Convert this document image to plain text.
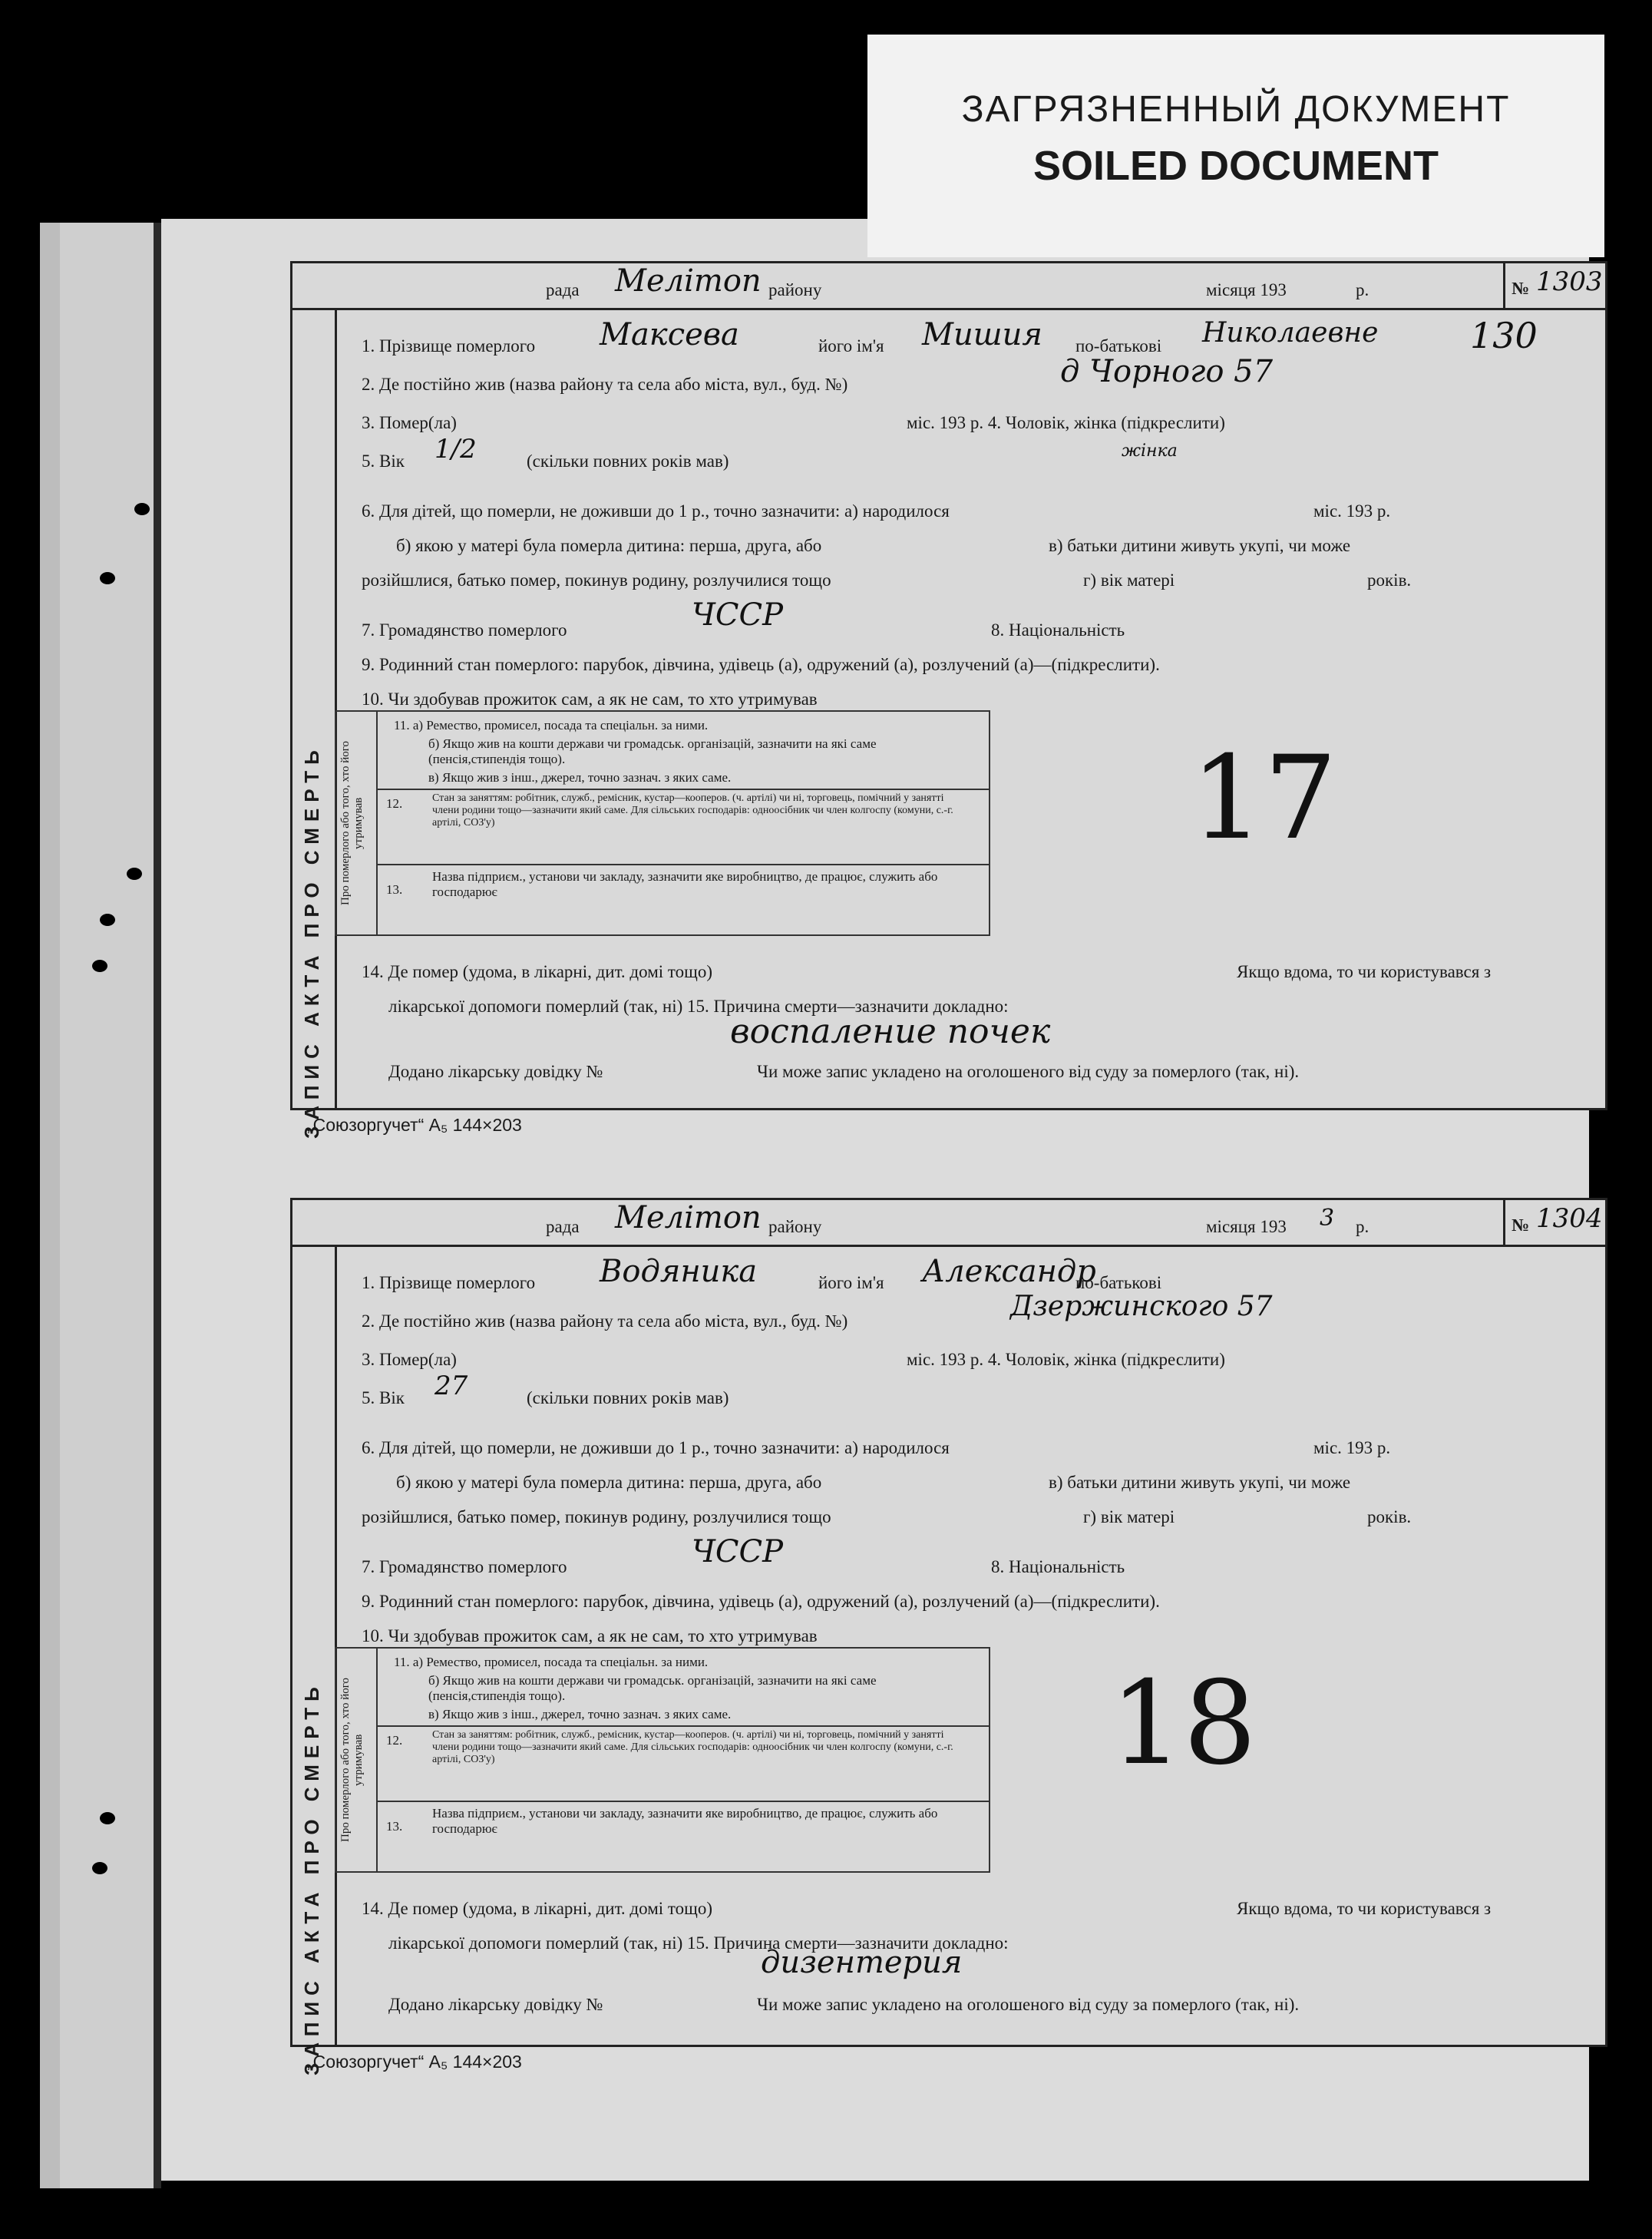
ЗАГРЯЗНЕННЫЙ ДОКУМЕНТ
SOILED DOCUMENT
рада Мелітоп району	місяця 193	р.	№ 1303
ЗАПИС АКТА ПРО СМЕРТЬ
1. Прізвище померлого Максева	його ім'я Мишия по-батькові Николаевне
2. Де постійно жив (назва району та села або міста, вул., буд. №)	д Чорного 57
3. Помер(ла)	міс. 193 р. 4. Чоловік, жінка (підкреслити)
жінка
5. Вік 1/2	(скільки повних років мав)
6. Для дітей, що померли, не доживши до 1 р., точно зазначити: а) народилося	міс. 193 р.
б) якою у матері була померла дитина: перша, друга, або	в) батьки дитини живуть укупі, чи може
розійшлися, батько помер, покинув родину, розлучилися тощо	г) вік матері	років.
7. Громадянство померлого	ЧССР	8. Національність
9. Родинний стан померлого: парубок, дівчина, удівець (а), одружений (а), розлучений (а)—(підкреслити).
10. Чи здобував прожиток сам, а як не сам, то хто утримував
Про померлого або того, хто його утримував
11. а) Ремество, промисел, посада та спеціальн. за ними.
б) Якщо жив на кошти держави чи громадськ. організацій, зазначити на які саме (пенсія,стипендія тощо).
в) Якщо жив з інш., джерел, точно зазнач. з яких саме.
12.	Стан за заняттям: робітник, служб., ремісник, кустар—кооперов. (ч. артілі) чи ні, торговець, помічний у занятті члени родини тощо—зазначити який саме. Для сільських господарів: одноосібник чи член колгоспу (комуни, с.-г. артілі, СОЗ'у)
13.
Назва підприєм., установи чи закладу, зазначити яке виробництво, де працює, служить або господарює
17
14. Де помер (удома, в лікарні, дит. домі тощо)	Якщо вдома, то чи користувався з
лікарської допомоги померлий (так, ні) 15. Причина смерти—зазначити докладно:
воспаление почек
Додано лікарську довідку №	Чи може запис укладено на оголошеного від суду за померлого (так, ні).
130
„Союзоргучет“ А₅ 144×203
рада Мелітоп району	місяця 193 3 р.	№ 1304
ЗАПИС АКТА ПРО СМЕРТЬ
1. Прізвище померлого Водяника	його ім'я Александр
по-батькові
2. Де постійно жив (назва району та села або міста, вул., буд. №)	Дзержинского 57
3. Помер(ла)	міс. 193 р. 4. Чоловік, жінка (підкреслити)
5. Вік 27	(скільки повних років мав)
6. Для дітей, що померли, не доживши до 1 р., точно зазначити: а) народилося	міс. 193 р.
б) якою у матері була померла дитина: перша, друга, або	в) батьки дитини живуть укупі, чи може
розійшлися, батько помер, покинув родину, розлучилися тощо	г) вік матері	років.
7. Громадянство померлого	ЧССР	8. Національність
9. Родинний стан померлого: парубок, дівчина, удівець (а), одружений (а), розлучений (а)—(підкреслити).
10. Чи здобував прожиток сам, а як не сам, то хто утримував
Про померлого або того, хто його утримував
11. а) Ремество, промисел, посада та спеціальн. за ними.
б) Якщо жив на кошти держави чи громадськ. організацій, зазначити на які саме (пенсія,стипендія тощо).
в) Якщо жив з інш., джерел, точно зазнач. з яких саме.
12.	Стан за заняттям: робітник, служб., ремісник, кустар—кооперов. (ч. артілі) чи ні, торговець, помічний у занятті члени родини тощо—зазначити який саме. Для сільських господарів: одноосібник чи член колгоспу (комуни, с.-г. артілі, СОЗ'у)
13.
Назва підприєм., установи чи закладу, зазначити яке виробництво, де працює, служить або господарює
18
14. Де помер (удома, в лікарні, дит. домі тощо)	Якщо вдома, то чи користувався з
лікарської допомоги померлий (так, ні) 15. Причина смерти—зазначити докладно:
дизентерия
Додано лікарську довідку №	Чи може запис укладено на оголошеного від суду за померлого (так, ні).
„Союзоргучет“ А₅ 144×203
